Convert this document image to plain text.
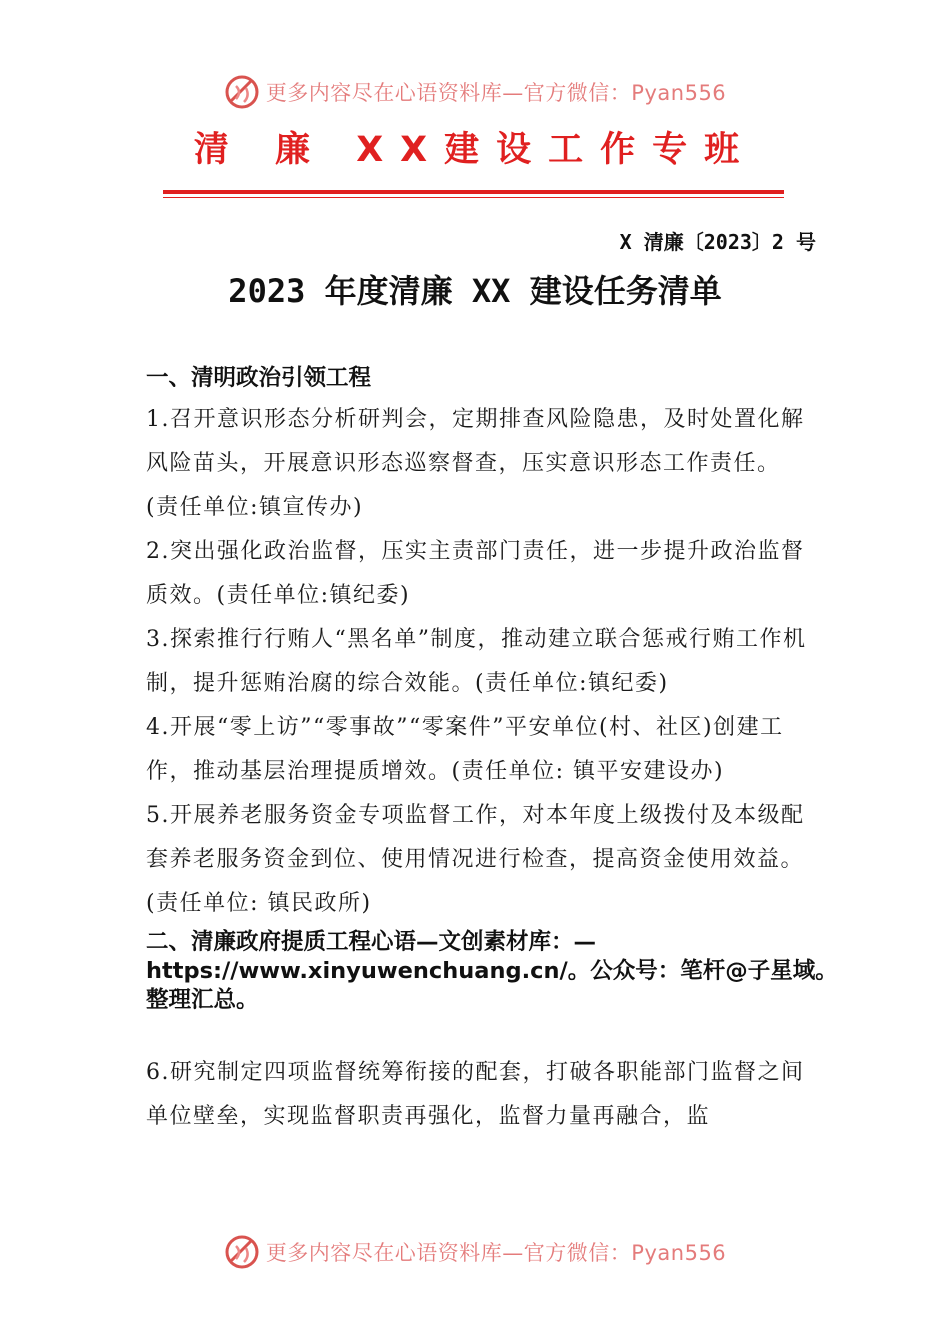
更多内容尽在心语资料库—官方微信：Pyan556
清 廉 XX建设工作专班
X 清廉〔2023〕2 号
2023 年度清廉 XX 建设任务清单

一、清明政治引领工程

1.召开意识形态分析研判会，定期排查风险隐患，及时处置化解风险苗头，开展意识形态巡察督查，压实意识形态工作责任。(责任单位:镇宣传办)

2.突出强化政治监督，压实主责部门责任，进一步提升政治监督质效。(责任单位:镇纪委)

3.探索推行行贿人“黑名单”制度，推动建立联合惩戒行贿工作机制，提升惩贿治腐的综合效能。(责任单位:镇纪委)

4.开展“零上访”“零事故”“零案件”平安单位(村、社区)创建工作，推动基层治理提质增效。(责任单位: 镇平安建设办)

5.开展养老服务资金专项监督工作，对本年度上级拨付及本级配套养老服务资金到位、使用情况进行检查，提高资金使用效益。(责任单位: 镇民政所)

二、清廉政府提质工程心语—文创素材库：—https://www.xinyuwenchuang.cn/。公众号：笔杆@子星域。整理汇总。

6.研究制定四项监督统筹衔接的配套，打破各职能部门监督之间单位壁垒，实现监督职责再强化，监督力量再融合，监

更多内容尽在心语资料库—官方微信：Pyan556
